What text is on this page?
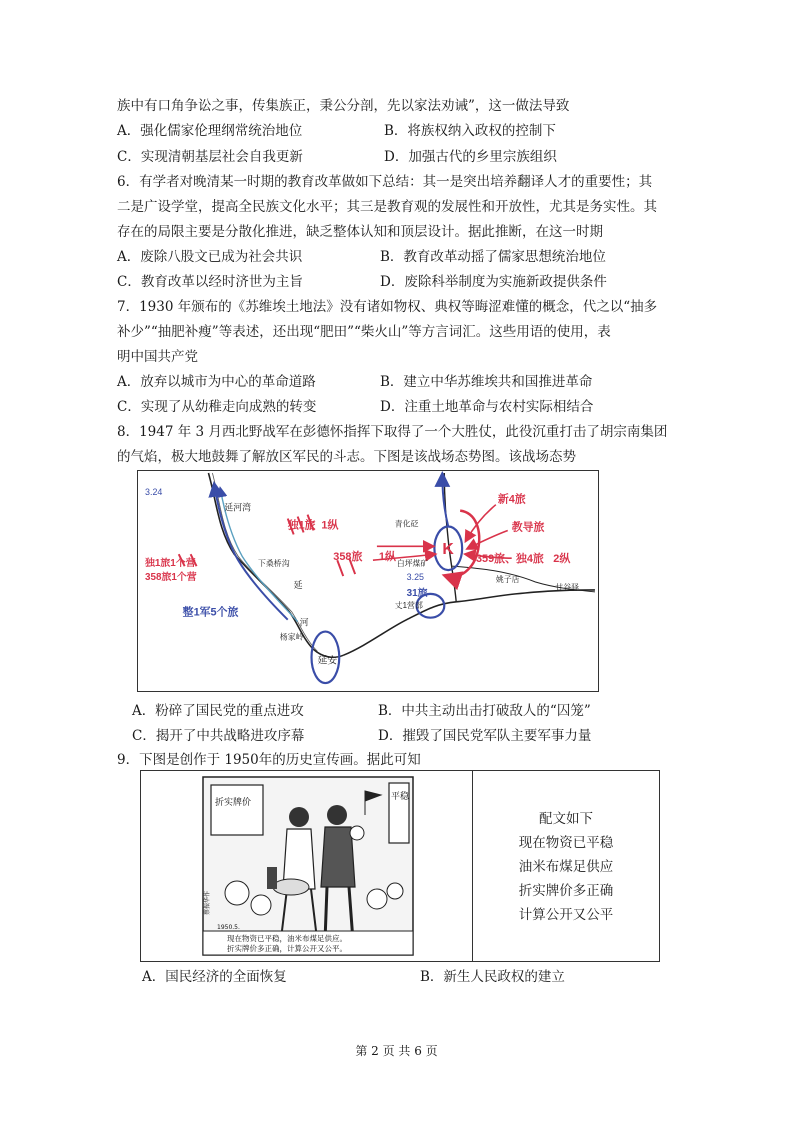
族中有口角争讼之事，传集族正，秉公分剖，先以家法劝诫”，这一做法导致
A．强化儒家伦理纲常统治地位	B．将族权纳入政权的控制下
C．实现清朝基层社会自我更新	D．加强古代的乡里宗族组织
6．有学者对晚清某一时期的教育改革做如下总结：其一是突出培养翻译人才的重要性；其
二是广设学堂，提高全民族文化水平；其三是教育观的发展性和开放性，尤其是务实性。其
存在的局限主要是分散化推进，缺乏整体认知和顶层设计。据此推断，在这一时期
A．废除八股文已成为社会共识	B．教育改革动摇了儒家思想统治地位
C．教育改革以经时济世为主旨	D．废除科举制度为实施新政提供条件
7．1930 年颁布的《苏维埃土地法》没有诸如物权、典权等晦涩难懂的概念，代之以“抽多
补少”“抽肥补瘦”等表述，还出现“肥田”“柴火山”等方言词汇。这些用语的使用，表
明中国共产党
A．放弃以城市为中心的革命道路	B．建立中华苏维埃共和国推进革命
C．实现了从幼稚走向成熟的转变	D．注重土地革命与农村实际相结合
8．1947 年 3 月西北野战军在彭德怀指挥下取得了一个大胜仗，此役沉重打击了胡宗南集团
的气焰，极大地鼓舞了解放区军民的斗志。下图是该战场态势图。该战场态势
K
3.24
延河湾
独1旅 1纵
358旅 1纵
独1旅1个营
358旅1个营
下桑桥沟
延
河
整1军5个旅
杨家岭
延安
青化砭
白坪煤矿
新4旅
教导旅
359旅、独4旅 2纵
姚子店
甘谷驿
3.25
31旅
丈1营部
A．粉碎了国民党的重点进攻	B．中共主动出击打破敌人的“囚笼”
C．揭开了中共战略进攻序幕	D．摧毁了国民党军队主要军事力量
9．下图是创作于 1950年的历史宣传画。据此可知
折实牌价
平稳
蔡振华作
1950.5.
现在物资已平稳，油米布煤足供应。
折实牌价多正确，计算公开又公平。
配文如下
现在物资已平稳
油米布煤足供应
折实牌价多正确
计算公开又公平
A．国民经济的全面恢复	B．新生人民政权的建立
第 2 页 共 6 页
